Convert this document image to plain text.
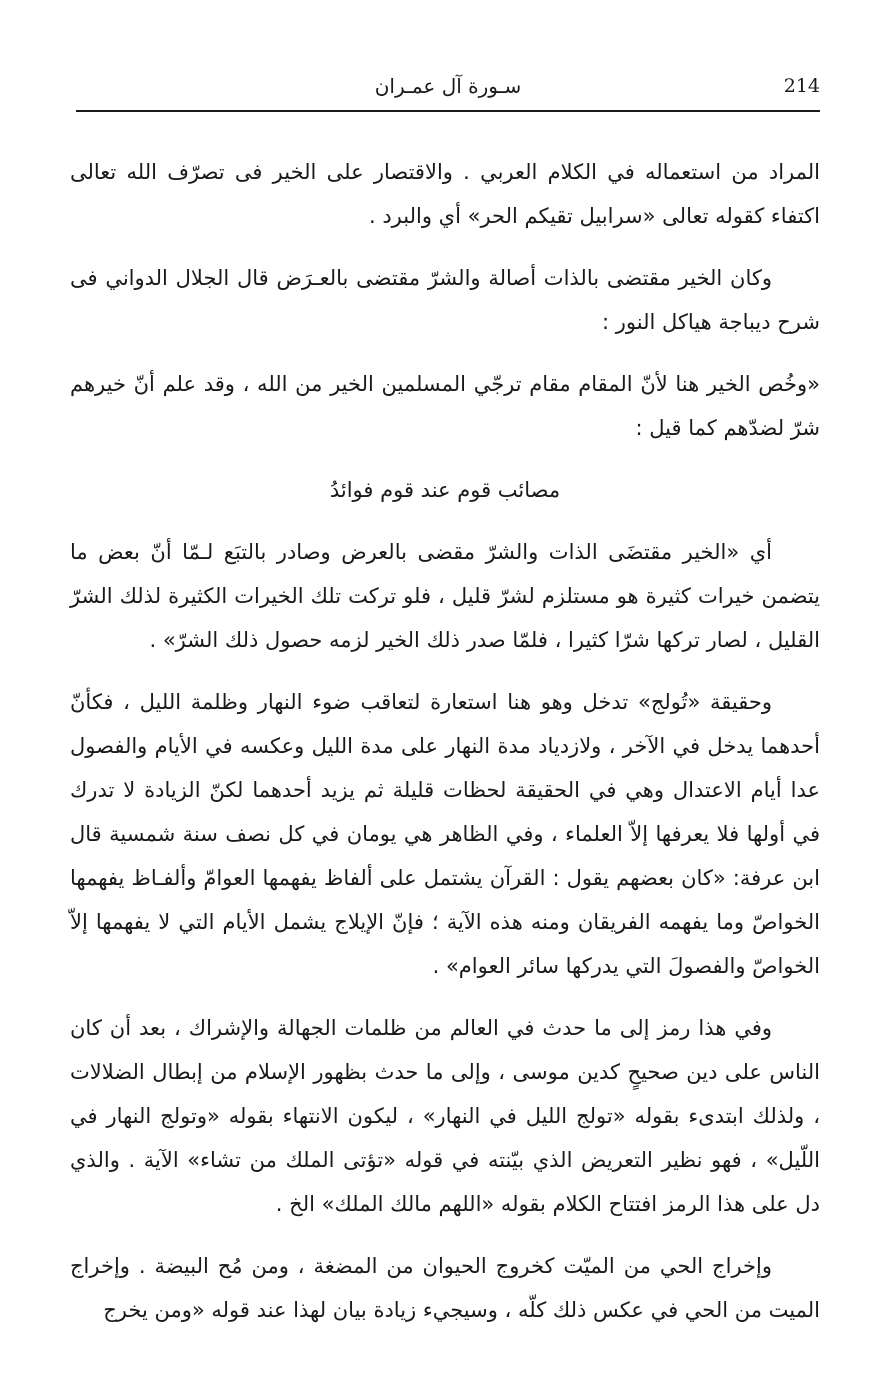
214
سـورة آل عمـران

المراد من استعماله في الكلام العربي . والاقتصار على الخير فى تصرّف الله تعالى اكتفاء كقوله تعالى «سرابيل تقيكم الحر» أي والبرد .

وكان الخير مقتضى بالذات أصالة والشرّ مقتضى بالعـرَض قال الجلال الدواني فى شرح ديباجة هياكل النور :

«وخُص الخير هنا لأنّ المقام مقام ترجّي المسلمين الخير من الله ، وقد علم أنّ خيرهم شرّ لضدّهم كما قيل :

مصائب قوم عند قوم فوائدُ

أي «الخير مقتضَى الذات والشرّ مقضى بالعرض وصادر بالتبَع لـمّا أنّ بعض ما يتضمن خيرات كثيرة هو مستلزم لشرّ قليل ، فلو تركت تلك الخيرات الكثيرة لذلك الشرّ القليل ، لصار تركها شرّا كثيرا ، فلمّا صدر ذلك الخير لزمه حصول ذلك الشرّ» .

وحقيقة «تُولج» تدخل وهو هنا استعارة لتعاقب ضوء النهار وظلمة الليل ، فكأنّ أحدهما يدخل في الآخر ، ولازدياد مدة النهار على مدة الليل وعكسه في الأيام والفصول عدا أيام الاعتدال وهي في الحقيقة لحظات قليلة ثم يزيد أحدهما لكنّ الزيادة لا تدرك في أولها فلا يعرفها إلاّ العلماء ، وفي الظاهر هي يومان في كل نصف سنة شمسية قال ابن عرفة: «كان بعضهم يقول : القرآن يشتمل على ألفاظ يفهمها العوامّ وألفـاظ يفهمها الخواصّ وما يفهمه الفريقان ومنه هذه الآية ؛ فإنّ الإيلاج يشمل الأيام التي لا يفهمها إلاّ الخواصّ والفصولَ التي يدركها سائر العوام» .

وفي هذا رمز إلى ما حدث في العالم من ظلمات الجهالة والإشراك ، بعد أن كان الناس على دين صحيحٍ كدين موسى ، وإلى ما حدث بظهور الإسلام من إبطال الضلالات ، ولذلك ابتدىء بقوله «تولج الليل في النهار» ، ليكون الانتهاء بقوله «وتولج النهار في اللّيل» ، فهو نظير التعريض الذي بيّنته في قوله «تؤتى الملك من تشاء» الآية . والذي دل على هذا الرمز افتتاح الكلام بقوله «اللهم مالك الملك» الخ .

وإخراج الحي من الميّت كخروج الحيوان من المضغة ، ومن مُح البيضة . وإخراج الميت من الحي في عكس ذلك كلّه ، وسيجيء زيادة بيان لهذا عند قوله «ومن يخرج
